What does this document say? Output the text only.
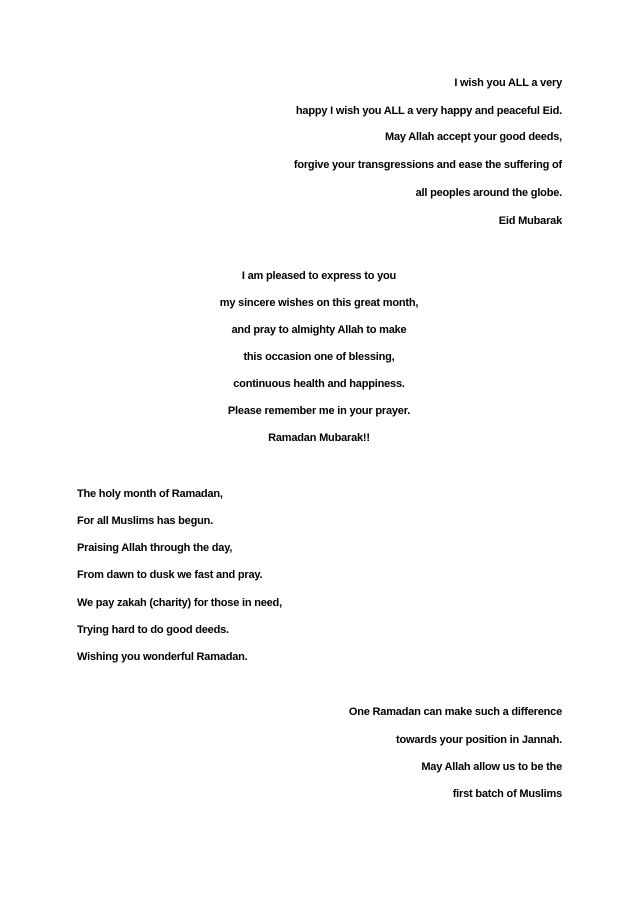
I wish you ALL a very
happy I wish you ALL a very happy and peaceful Eid.
May Allah accept your good deeds,
forgive your transgressions and ease the suffering of
all peoples around the globe.
Eid Mubarak
I am pleased to express to you
my sincere wishes on this great month,
and pray to almighty Allah to make
this occasion one of blessing,
continuous health and happiness.
Please remember me in your prayer.
Ramadan Mubarak!!
The holy month of Ramadan,
For all Muslims has begun.
Praising Allah through the day,
From dawn to dusk we fast and pray.
We pay zakah (charity) for those in need,
Trying hard to do good deeds.
Wishing you wonderful Ramadan.
One Ramadan can make such a difference
towards your position in Jannah.
May Allah allow us to be the
first batch of Muslims
